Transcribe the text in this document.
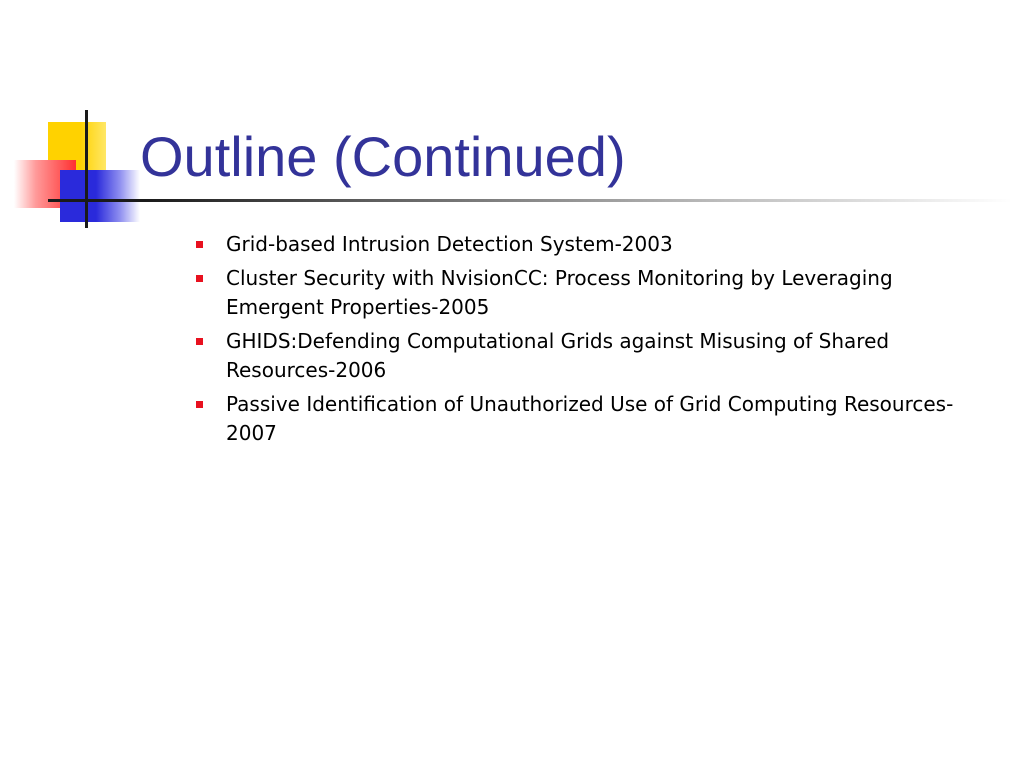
Outline (Continued)
Grid-based Intrusion Detection System-2003
Cluster Security with NvisionCC: Process Monitoring by Leveraging Emergent Properties-2005
GHIDS:Defending Computational Grids against Misusing of Shared Resources-2006
Passive Identification of Unauthorized Use of Grid Computing Resources-2007
